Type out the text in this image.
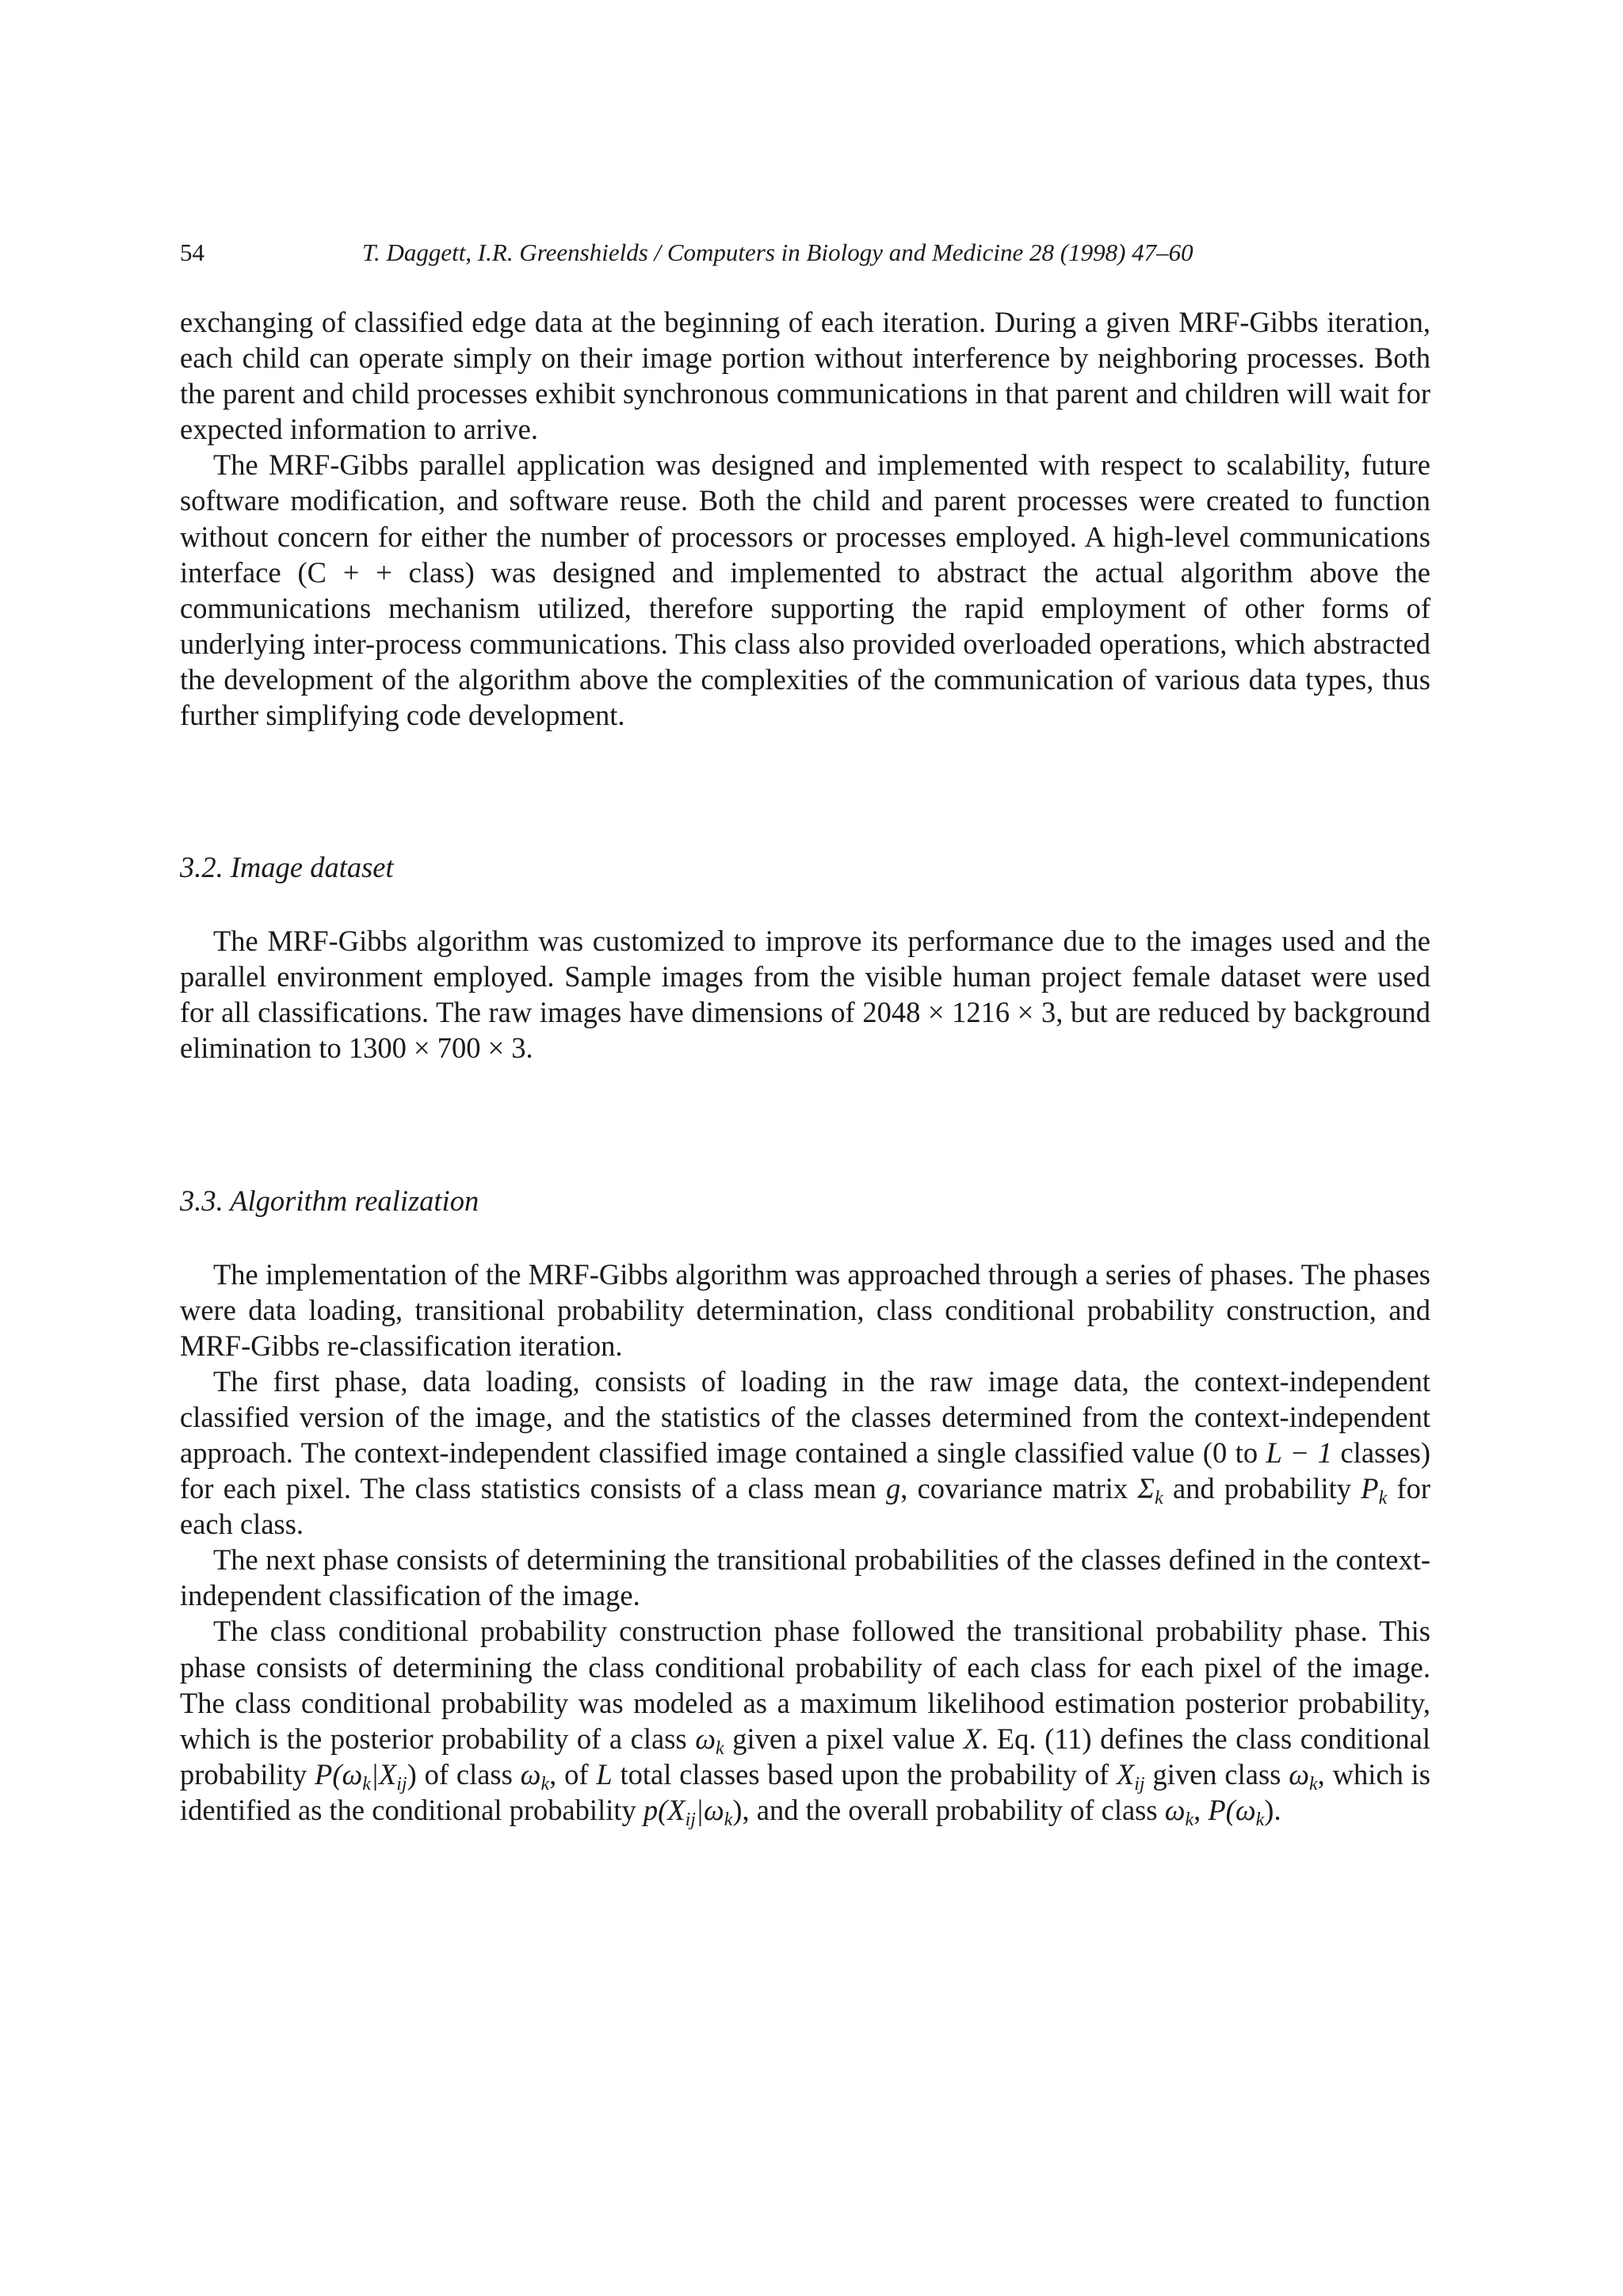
54	T. Daggett, I.R. Greenshields / Computers in Biology and Medicine 28 (1998) 47–60

exchanging of classified edge data at the beginning of each iteration. During a given MRF-Gibbs iteration, each child can operate simply on their image portion without interference by neighboring processes. Both the parent and child processes exhibit synchronous communications in that parent and children will wait for expected information to arrive.

The MRF-Gibbs parallel application was designed and implemented with respect to scalability, future software modification, and software reuse. Both the child and parent processes were created to function without concern for either the number of processors or processes employed. A high-level communications interface (C + + class) was designed and implemented to abstract the actual algorithm above the communications mechanism utilized, therefore supporting the rapid employment of other forms of underlying inter-process communications. This class also provided overloaded operations, which abstracted the development of the algorithm above the complexities of the communication of various data types, thus further simplifying code development.

3.2. Image dataset

The MRF-Gibbs algorithm was customized to improve its performance due to the images used and the parallel environment employed. Sample images from the visible human project female dataset were used for all classifications. The raw images have dimensions of 2048 × 1216 × 3, but are reduced by background elimination to 1300 × 700 × 3.

3.3. Algorithm realization

The implementation of the MRF-Gibbs algorithm was approached through a series of phases. The phases were data loading, transitional probability determination, class conditional probability construction, and MRF-Gibbs re-classification iteration.

The first phase, data loading, consists of loading in the raw image data, the context-independent classified version of the image, and the statistics of the classes determined from the context-independent approach. The context-independent classified image contained a single classified value (0 to L − 1 classes) for each pixel. The class statistics consists of a class mean g, covariance matrix $\Sigma_k$ and probability $P_k$ for each class.

The next phase consists of determining the transitional probabilities of the classes defined in the context-independent classification of the image.

The class conditional probability construction phase followed the transitional probability phase. This phase consists of determining the class conditional probability of each class for each pixel of the image. The class conditional probability was modeled as a maximum likelihood estimation posterior probability, which is the posterior probability of a class $\omega_k$ given a pixel value X. Eq. (11) defines the class conditional probability $P(\omega_k|X_{ij})$ of class $\omega_k$, of L total classes based upon the probability of $X_{ij}$ given class $\omega_k$, which is identified as the conditional probability $p(X_{ij}|\omega_k)$, and the overall probability of class $\omega_k$, $P(\omega_k)$.
